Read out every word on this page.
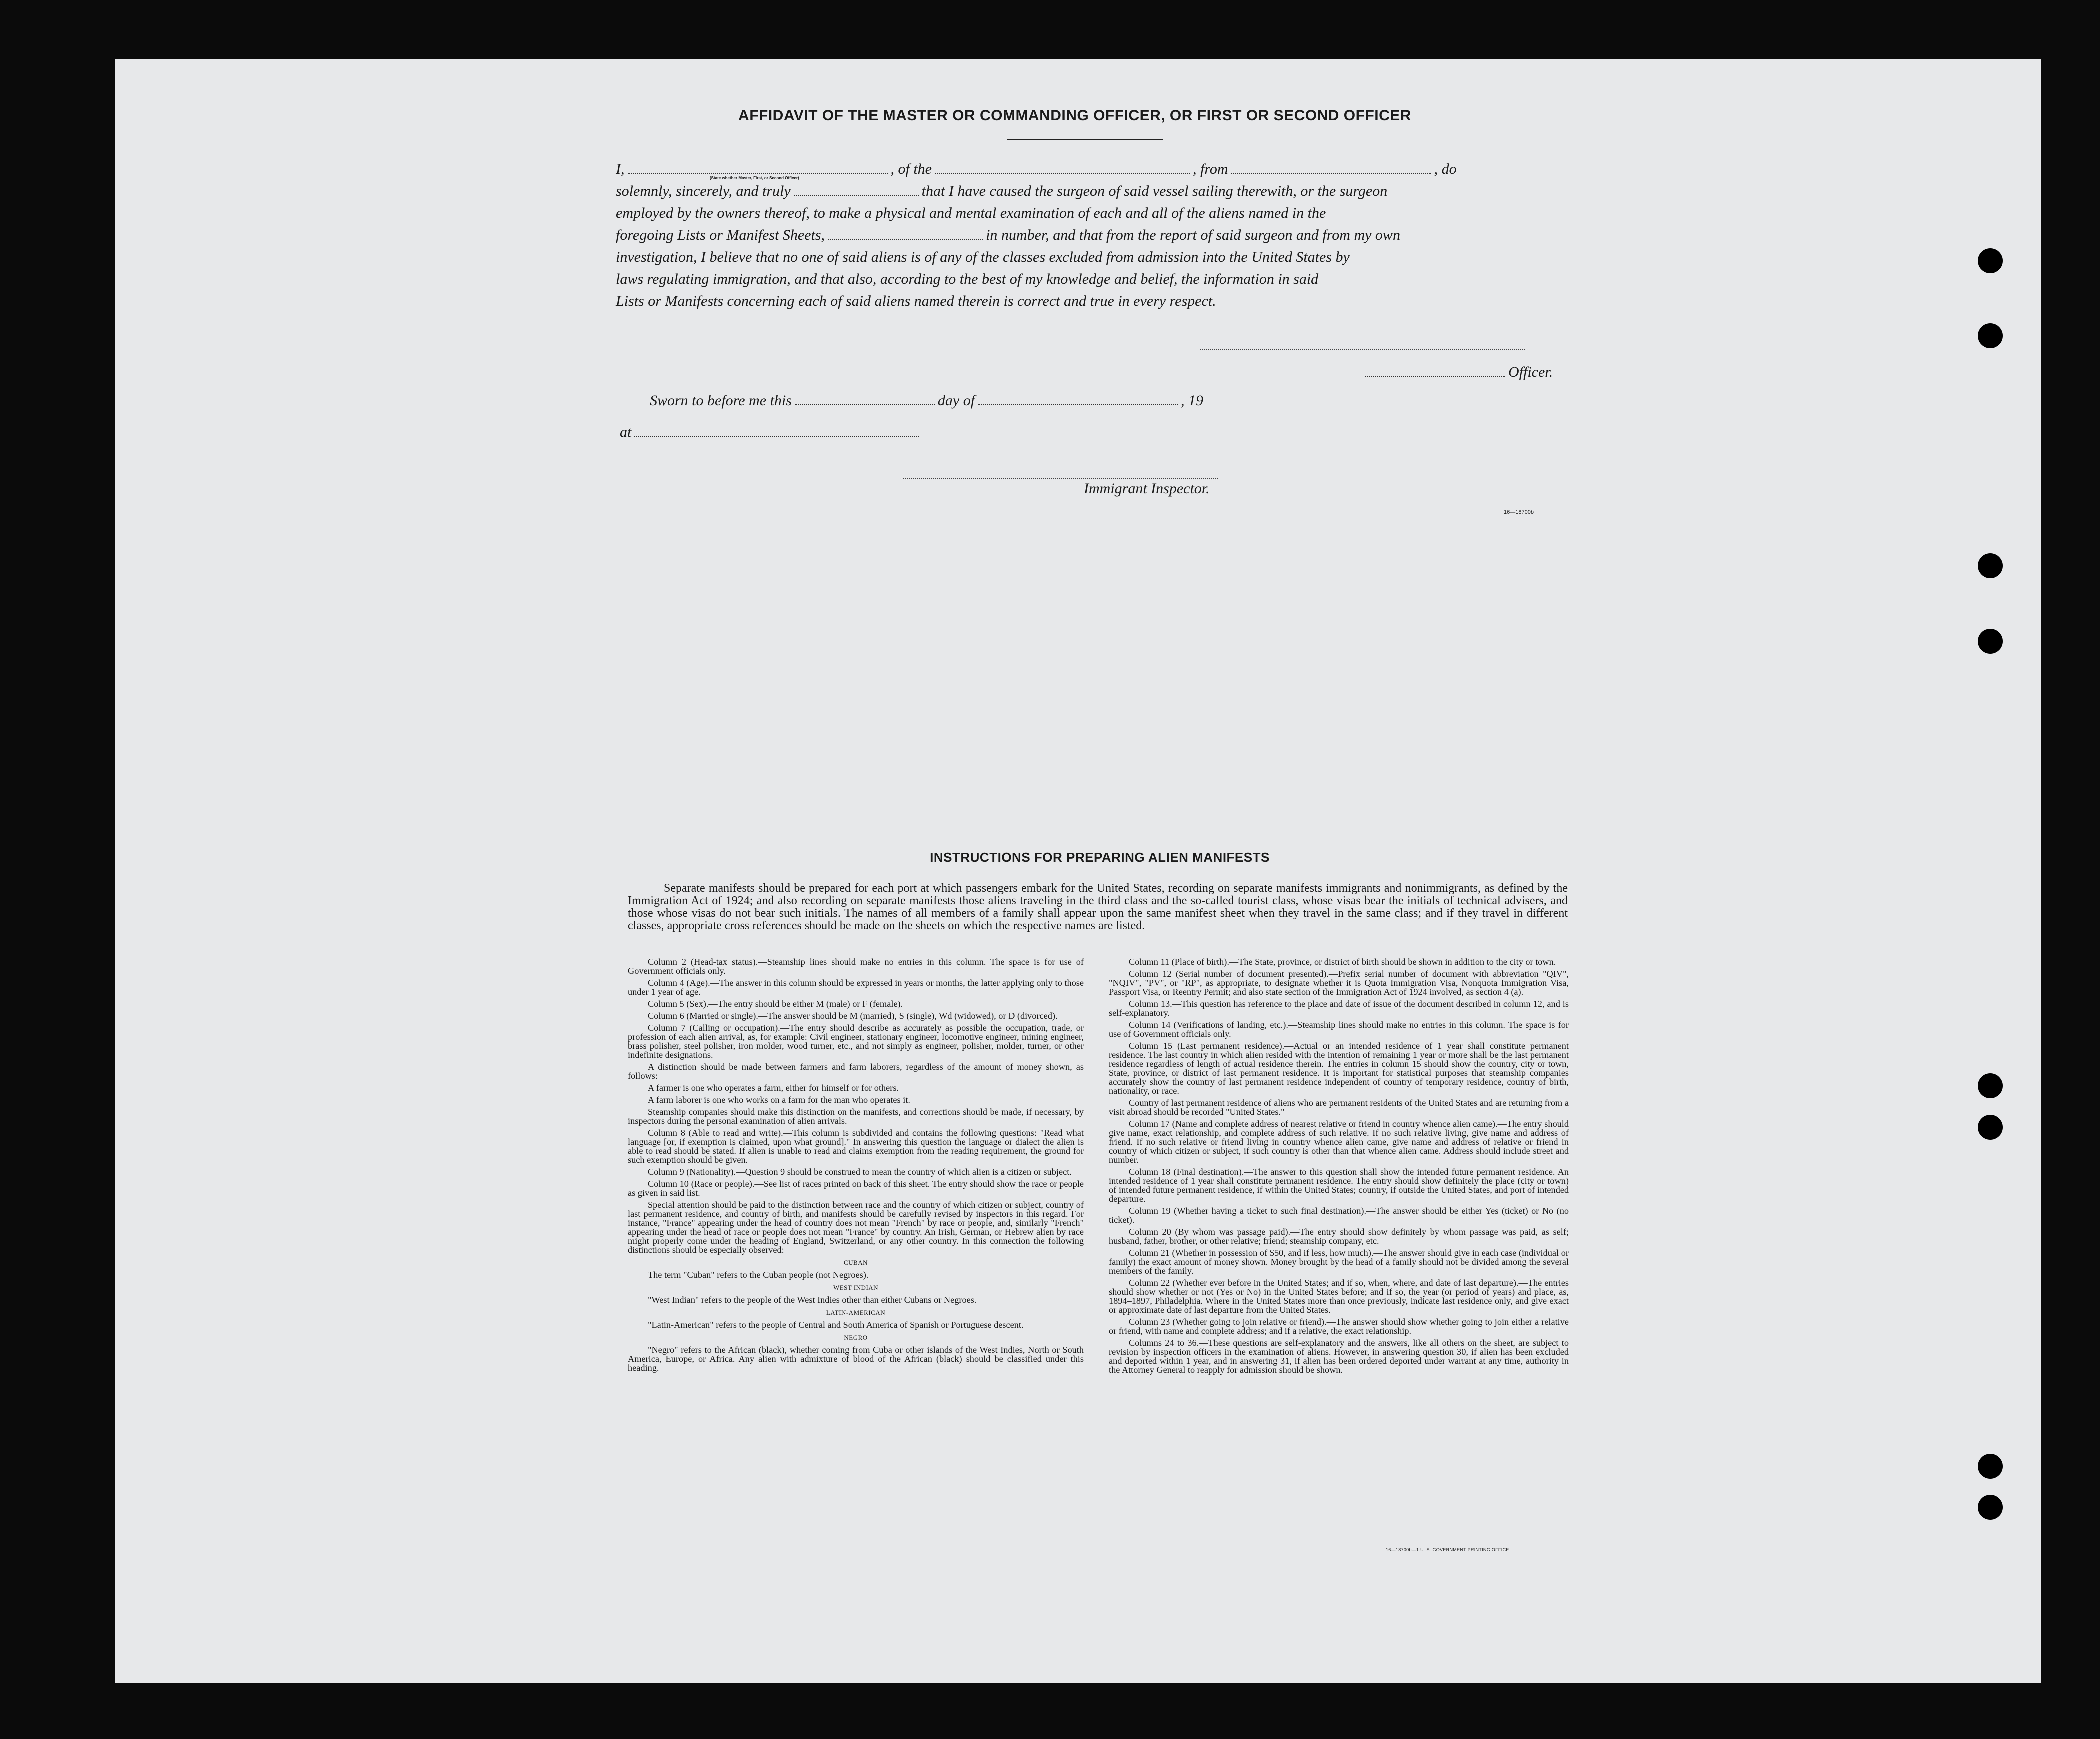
AFFIDAVIT OF THE MASTER OR COMMANDING OFFICER, OR FIRST OR SECOND OFFICER
I,	, of the	, from	, do
(State whether Master, First, or Second Officer)
solemnly, sincerely, and truly	that I have caused the surgeon of said vessel sailing therewith, or the surgeon
employed by the owners thereof, to make a physical and mental examination of each and all of the aliens named in the
foregoing Lists or Manifest Sheets,	in number, and that from the report of said surgeon and from my own
investigation, I believe that no one of said aliens is of any of the classes excluded from admission into the United States by
laws regulating immigration, and that also, according to the best of my knowledge and belief, the information in said
Lists or Manifests concerning each of said aliens named therein is correct and true in every respect.
Officer.
Sworn to before me this	day of	, 19
at
Immigrant Inspector.
16—18700b
INSTRUCTIONS FOR PREPARING ALIEN MANIFESTS
Separate manifests should be prepared for each port at which passengers embark for the United States, recording on separate manifests immigrants and nonimmigrants, as defined by the Immigration Act of 1924; and also recording on separate manifests those aliens traveling in the third class and the so-called tourist class, whose visas bear the initials of technical advisers, and those whose visas do not bear such initials. The names of all members of a family shall appear upon the same manifest sheet when they travel in the same class; and if they travel in different classes, appropriate cross references should be made on the sheets on which the respective names are listed.

Column 2 (Head-tax status).—Steamship lines should make no entries in this column. The space is for use of Government officials only.

Column 4 (Age).—The answer in this column should be expressed in years or months, the latter applying only to those under 1 year of age.

Column 5 (Sex).—The entry should be either M (male) or F (female).

Column 6 (Married or single).—The answer should be M (married), S (single), Wd (widowed), or D (divorced).

Column 7 (Calling or occupation).—The entry should describe as accurately as possible the occupation, trade, or profession of each alien arrival, as, for example: Civil engineer, stationary engineer, locomotive engineer, mining engineer, brass polisher, steel polisher, iron molder, wood turner, etc., and not simply as engineer, polisher, molder, turner, or other indefinite designations.

A distinction should be made between farmers and farm laborers, regardless of the amount of money shown, as follows:

A farmer is one who operates a farm, either for himself or for others.

A farm laborer is one who works on a farm for the man who operates it.

Steamship companies should make this distinction on the manifests, and corrections should be made, if necessary, by inspectors during the personal examination of alien arrivals.

Column 8 (Able to read and write).—This column is subdivided and contains the following questions: "Read what language [or, if exemption is claimed, upon what ground]." In answering this question the language or dialect the alien is able to read should be stated. If alien is unable to read and claims exemption from the reading requirement, the ground for such exemption should be given.

Column 9 (Nationality).—Question 9 should be construed to mean the country of which alien is a citizen or subject.

Column 10 (Race or people).—See list of races printed on back of this sheet. The entry should show the race or people as given in said list.

Special attention should be paid to the distinction between race and the country of which citizen or subject, country of last permanent residence, and country of birth, and manifests should be carefully revised by inspectors in this regard. For instance, "France" appearing under the head of country does not mean "French" by race or people, and, similarly "French" appearing under the head of race or people does not mean "France" by country. An Irish, German, or Hebrew alien by race might properly come under the heading of England, Switzerland, or any other country. In this connection the following distinctions should be especially observed:

CUBAN

The term "Cuban" refers to the Cuban people (not Negroes).

WEST INDIAN

"West Indian" refers to the people of the West Indies other than either Cubans or Negroes.

LATIN-AMERICAN

"Latin-American" refers to the people of Central and South America of Spanish or Portuguese descent.

NEGRO

"Negro" refers to the African (black), whether coming from Cuba or other islands of the West Indies, North or South America, Europe, or Africa. Any alien with admixture of blood of the African (black) should be classified under this heading.

Column 11 (Place of birth).—The State, province, or district of birth should be shown in addition to the city or town.

Column 12 (Serial number of document presented).—Prefix serial number of document with abbreviation "QIV", "NQIV", "PV", or "RP", as appropriate, to designate whether it is Quota Immigration Visa, Nonquota Immigration Visa, Passport Visa, or Reentry Permit; and also state section of the Immigration Act of 1924 involved, as section 4 (a).

Column 13.—This question has reference to the place and date of issue of the document described in column 12, and is self-explanatory.

Column 14 (Verifications of landing, etc.).—Steamship lines should make no entries in this column. The space is for use of Government officials only.

Column 15 (Last permanent residence).—Actual or an intended residence of 1 year shall constitute permanent residence. The last country in which alien resided with the intention of remaining 1 year or more shall be the last permanent residence regardless of length of actual residence therein. The entries in column 15 should show the country, city or town, State, province, or district of last permanent residence. It is important for statistical purposes that steamship companies accurately show the country of last permanent residence independent of country of temporary residence, country of birth, nationality, or race.

Country of last permanent residence of aliens who are permanent residents of the United States and are returning from a visit abroad should be recorded "United States."

Column 17 (Name and complete address of nearest relative or friend in country whence alien came).—The entry should give name, exact relationship, and complete address of such relative. If no such relative living, give name and address of friend. If no such relative or friend living in country whence alien came, give name and address of relative or friend in country of which citizen or subject, if such country is other than that whence alien came. Address should include street and number.

Column 18 (Final destination).—The answer to this question shall show the intended future permanent residence. An intended residence of 1 year shall constitute permanent residence. The entry should show definitely the place (city or town) of intended future permanent residence, if within the United States; country, if outside the United States, and port of intended departure.

Column 19 (Whether having a ticket to such final destination).—The answer should be either Yes (ticket) or No (no ticket).

Column 20 (By whom was passage paid).—The entry should show definitely by whom passage was paid, as self; husband, father, brother, or other relative; friend; steamship company, etc.

Column 21 (Whether in possession of $50, and if less, how much).—The answer should give in each case (individual or family) the exact amount of money shown. Money brought by the head of a family should not be divided among the several members of the family.

Column 22 (Whether ever before in the United States; and if so, when, where, and date of last departure).—The entries should show whether or not (Yes or No) in the United States before; and if so, the year (or period of years) and place, as, 1894–1897, Philadelphia. Where in the United States more than once previously, indicate last residence only, and give exact or approximate date of last departure from the United States.

Column 23 (Whether going to join relative or friend).—The answer should show whether going to join either a relative or friend, with name and complete address; and if a relative, the exact relationship.

Columns 24 to 36.—These questions are self-explanatory and the answers, like all others on the sheet, are subject to revision by inspection officers in the examination of aliens. However, in answering question 30, if alien has been excluded and deported within 1 year, and in answering 31, if alien has been ordered deported under warrant at any time, authority in the Attorney General to reapply for admission should be shown.

16—18700b—1 U. S. GOVERNMENT PRINTING OFFICE
